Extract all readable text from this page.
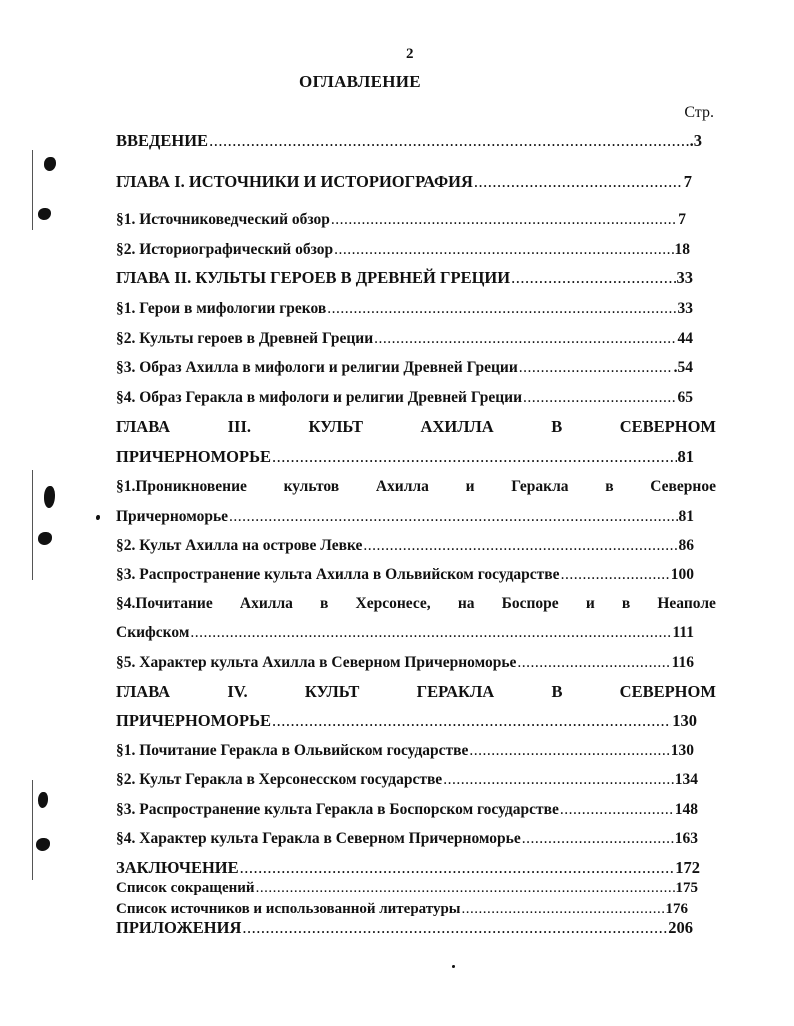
2
ОГЛАВЛЕНИЕ
Стр.
ВВЕДЕНИЕ .....	.3
ГЛАВА I. ИСТОЧНИКИ И ИСТОРИОГРАФИЯ .....	7
§1. Источниковедческий обзор .....	7
§2. Историографический обзор .....	18
ГЛАВА II. КУЛЬТЫ ГЕРОЕВ В ДРЕВНЕЙ ГРЕЦИИ .....	33
§1. Герои в мифологии греков .....	33
§2. Культы героев в Древней Греции .....	44
§3. Образ Ахилла в мифологи и религии Древней Греции .....	.54
§4. Образ Геракла в мифологи и религии Древней Греции .....	65
ГЛАВА	III.	КУЛЬТ	АХИЛЛА	В	СЕВЕРНОМ
ПРИЧЕРНОМОРЬЕ .....	81
§1.Проникновение культов Ахилла и Геракла в Северное
Причерноморье .....	81
§2. Культ Ахилла на острове Левке .....	86
§3. Распространение культа Ахилла в Ольвийском государстве .....	100
§4.Почитание Ахилла в Херсонесе, на Боспоре и в Неаполе
Скифском .....	111
§5. Характер культа Ахилла в Северном Причерноморье .....	116
ГЛАВА	IV.	КУЛЬТ	ГЕРАКЛА	В	СЕВЕРНОМ
ПРИЧЕРНОМОРЬЕ .....	130
§1. Почитание Геракла в Ольвийском государстве .....	130
§2. Культ Геракла в Херсонесском государстве .....	134
§3. Распространение культа Геракла в Боспорском государстве .....	148
§4. Характер культа Геракла в Северном Причерноморье .....	163
ЗАКЛЮЧЕНИЕ .....	172
Список сокращений .....	175
Список источников и использованной литературы .....	176
ПРИЛОЖЕНИЯ .....	206
